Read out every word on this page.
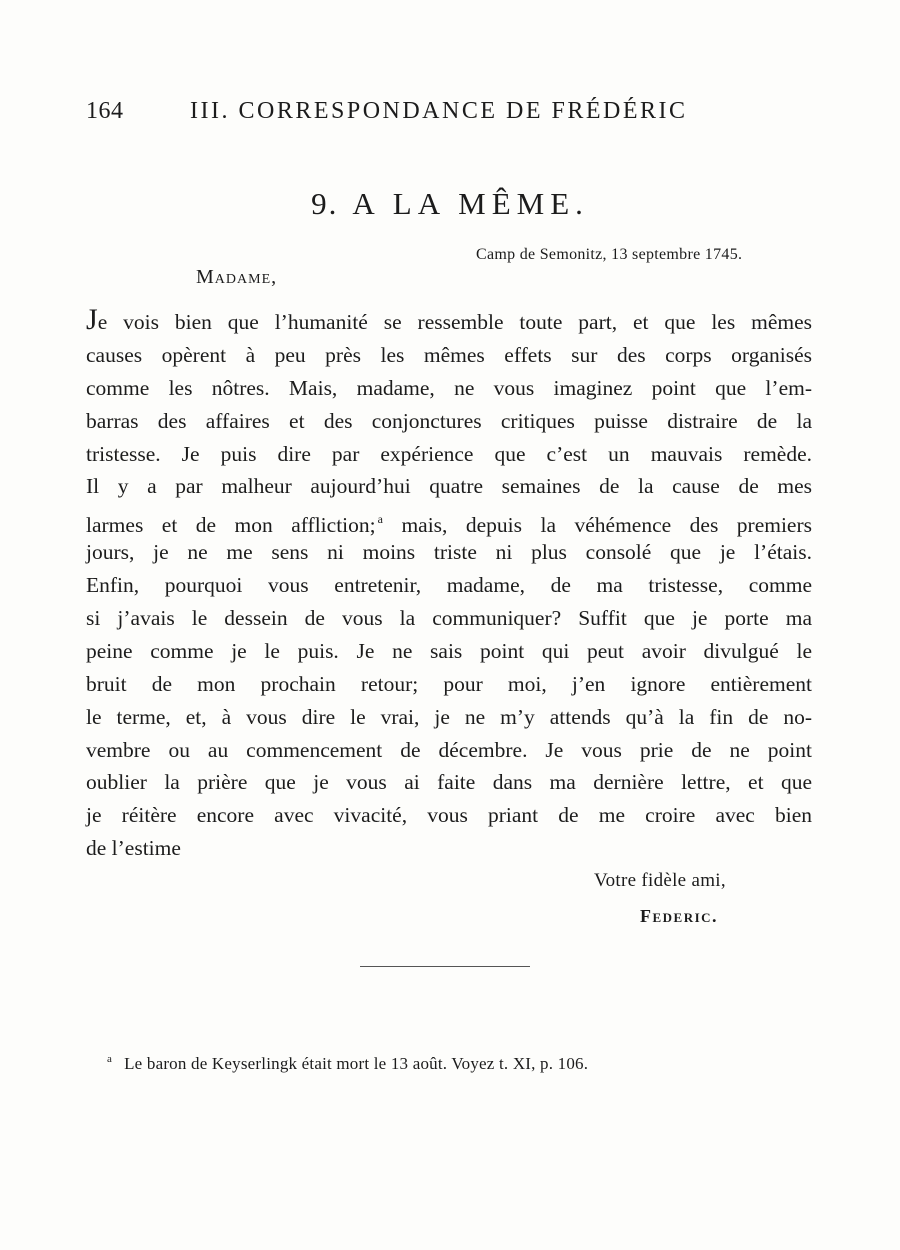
164	III. CORRESPONDANCE DE FRÉDÉRIC
9. A LA MÊME.
Camp de Semonitz, 13 septembre 1745.
Madame,
Je vois bien que l’humanité se ressemble toute part, et que les mêmes
causes opèrent à peu près les mêmes effets sur des corps organisés
comme les nôtres. Mais, madame, ne vous imaginez point que l’em-
barras des affaires et des conjonctures critiques puisse distraire de la
tristesse. Je puis dire par expérience que c’est un mauvais remède.
Il y a par malheur aujourd’hui quatre semaines de la cause de mes
larmes et de mon affliction; $^a$ mais, depuis la véhémence des premiers
jours, je ne me sens ni moins triste ni plus consolé que je l’étais.
Enfin, pourquoi vous entretenir, madame, de ma tristesse, comme
si j’avais le dessein de vous la communiquer? Suffit que je porte ma
peine comme je le puis. Je ne sais point qui peut avoir divulgué le
bruit de mon prochain retour; pour moi, j’en ignore entièrement
le terme, et, à vous dire le vrai, je ne m’y attends qu’à la fin de no-
vembre ou au commencement de décembre. Je vous prie de ne point
oublier la prière que je vous ai faite dans ma dernière lettre, et que
je réitère encore avec vivacité, vous priant de me croire avec bien
de l’estime
Votre fidèle ami,
Federic.
$^a$ Le baron de Keyserlingk était mort le 13 août. Voyez t. XI, p. 106.
